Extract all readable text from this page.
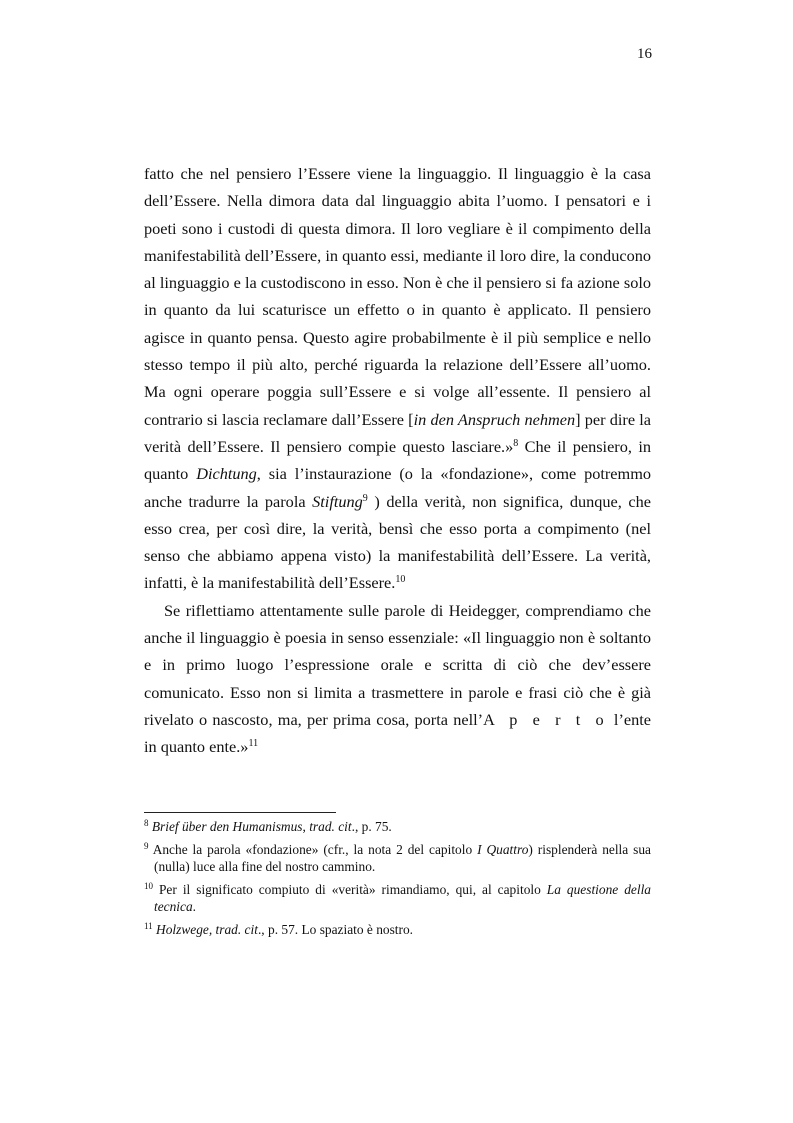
16

fatto che nel pensiero l’Essere viene la linguaggio. Il linguaggio è la casa dell’Essere. Nella dimora data dal linguaggio abita l’uomo. I pensatori e i poeti sono i custodi di questa dimora. Il loro vegliare è il compimento della manifestabilità dell’Essere, in quanto essi, mediante il loro dire, la conducono al linguaggio e la custodiscono in esso. Non è che il pensiero si fa azione solo in quanto da lui scaturisce un effetto o in quanto è applicato. Il pensiero agisce in quanto pensa. Questo agire probabilmente è il più semplice e nello stesso tempo il più alto, perché riguarda la relazione dell’Essere all’uomo. Ma ogni operare poggia sull’Essere e si volge all’essente. Il pensiero al contrario si lascia reclamare dall’Essere [in den Anspruch nehmen] per dire la verità dell’Essere. Il pensiero compie questo lasciare.»$^8$ Che il pensiero, in quanto Dichtung, sia l’instaurazione (o la «fondazione», come potremmo anche tradurre la parola Stiftung$^9$ ) della verità, non significa, dunque, che esso crea, per così dire, la verità, bensì che esso porta a compimento (nel senso che abbiamo appena visto) la manifestabilità dell’Essere. La verità, infatti, è la manifestabilità dell’Essere.$^{10}$

Se riflettiamo attentamente sulle parole di Heidegger, comprendiamo che anche il linguaggio è poesia in senso essenziale: «Il linguaggio non è soltanto e in primo luogo l’espressione orale e scritta di ciò che dev’essere comunicato. Esso non si limita a trasmettere in parole e frasi ciò che è già rivelato o nascosto, ma, per prima cosa, porta nell’A p e r t o l’ente in quanto ente.»$^{11}$

$^8$ Brief über den Humanismus, trad. cit., p. 75.

$^9$ Anche la parola «fondazione» (cfr., la nota 2 del capitolo I Quattro) risplenderà nella sua (nulla) luce alla fine del nostro cammino.

$^{10}$ Per il significato compiuto di «verità» rimandiamo, qui, al capitolo La questione della tecnica.

$^{11}$ Holzwege, trad. cit., p. 57. Lo spaziato è nostro.
